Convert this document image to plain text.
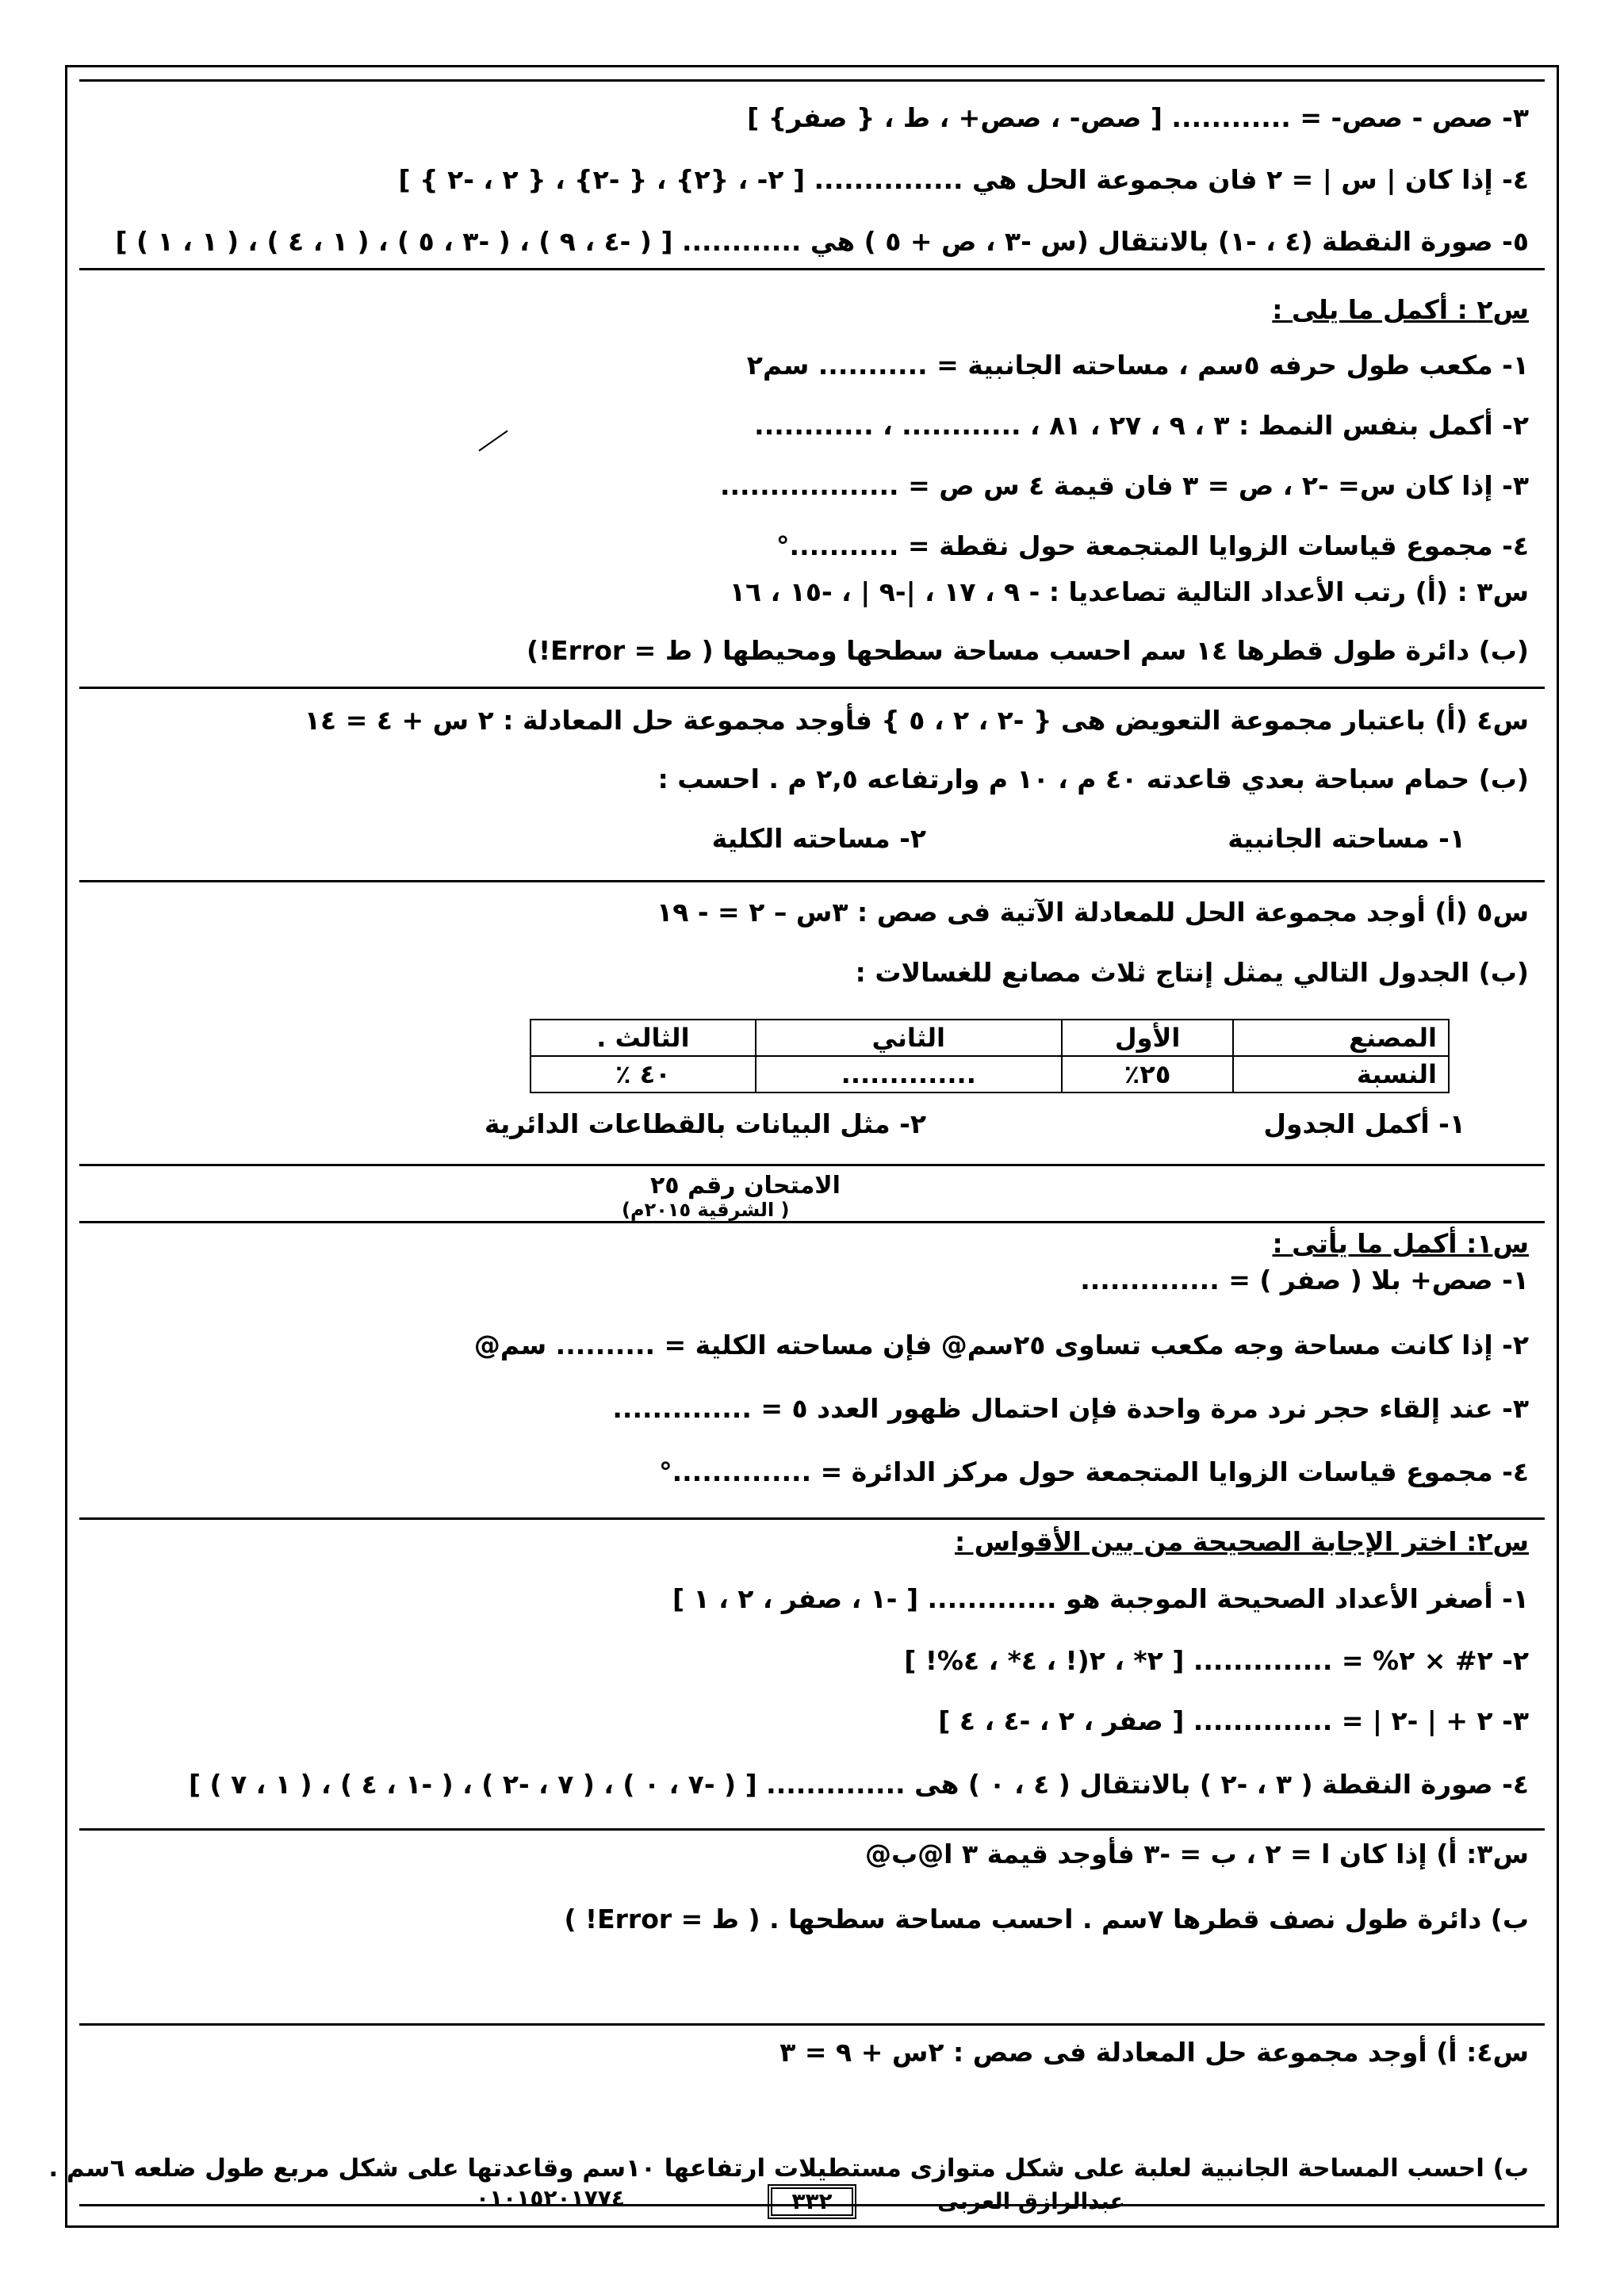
٣- صص - صص- = ............ [ صص- ، صص+ ، ط ، { صفر} ]
٤- إذا كان | س | = ٢ فان مجموعة الحل هي ............... [ ٢- ، {٢} ، { -٢} ، { ٢ ، -٢ } ]
٥- صورة النقطة (٤ ، -١) بالانتقال (س -٣ ، ص + ٥ ) هي ............ [ ( -٤ ، ٩ ) ، ( -٣ ، ٥ ) ، ( ١ ، ٤ ) ، ( ١ ، ١ ) ]
س٢ : أكمل ما يلى :
١- مكعب طول حرفه ٥سم ، مساحته الجانبية = ........... سم٢
٢- أكمل بنفس النمط : ٣ ، ٩ ، ٢٧ ، ٨١ ، ............ ، ............
٣- إذا كان س= -٢ ، ص = ٣ فان قيمة ٤ س ص = ..................
٤- مجموع قياسات الزوايا المتجمعة حول نقطة = ...........°
س٣ : (أ) رتب الأعداد التالية تصاعديا : - ٩ ، ١٧ ، |-٩ | ، -١٥ ، ١٦
(ب) دائرة طول قطرها ١٤ سم احسب مساحة سطحها ومحيطها ( ط = Error!)
س٤ (أ) باعتبار مجموعة التعويض هى { -٢ ، ٢ ، ٥ } فأوجد مجموعة حل المعادلة : ٢ س + ٤ = ١٤
(ب) حمام سباحة بعدي قاعدته ٤٠ م ، ١٠ م وارتفاعه ٢,٥ م . احسب :
١- مساحته الجانبية
٢- مساحته الكلية
س٥ (أ) أوجد مجموعة الحل للمعادلة الآتية فى صص : ٣س – ٢ = - ١٩
(ب) الجدول التالي يمثل إنتاج ثلاث مصانع للغسالات :
المصنع	الأول	الثاني	الثالث .
النسبة	٢٥٪	..............	٤٠ ٪
١- أكمل الجدول
٢- مثل البيانات بالقطاعات الدائرية
الامتحان رقم ٢٥
( الشرقية ٢٠١٥م)
س١: أكمل ما يأتى :
١- صص+ بلا ( صفر ) = ..............
٢- إذا كانت مساحة وجه مكعب تساوى ٢٥سم@ فإن مساحته الكلية = .......... سم@
٣- عند إلقاء حجر نرد مرة واحدة فإن احتمال ظهور العدد ٥ = ..............
٤- مجموع قياسات الزوايا المتجمعة حول مركز الدائرة = ..............°
س٢: اختر الإجابة الصحيحة من بين الأقواس :
١- أصغر الأعداد الصحيحة الموجبة هو ............. [ -١ ، صفر ، ٢ ، ١ ]
٢- ٢# × ٢% = .............. [ ٢* ، ٢(! ، ٤* ، ٤%! ]
٣- ٢ + | -٢ | = .............. [ صفر ، ٢ ، -٤ ، ٤ ]
٤- صورة النقطة ( ٣ ، -٢ ) بالانتقال ( ٤ ، ٠ ) هى .............. [ ( -٧ ، ٠ ) ، ( ٧ ، -٢ ) ، ( -١ ، ٤ ) ، ( ١ ، ٧ ) ]
س٣: أ) إذا كان ا = ٢ ، ب = -٣ فأوجد قيمة ٣ ا@ب@
ب) دائرة طول نصف قطرها ٧سم . احسب مساحة سطحها . ( ط = Error! )
س٤: أ) أوجد مجموعة حل المعادلة فى صص : ٢س + ٩ = ٣
ب) احسب المساحة الجانبية لعلبة على شكل متوازى مستطيلات ارتفاعها ١٠سم وقاعدتها على شكل مربع طول ضلعه ٦سم .
عبدالرازق العربى
٣٣٢
٠١٠١٥٢٠١٧٧٤
